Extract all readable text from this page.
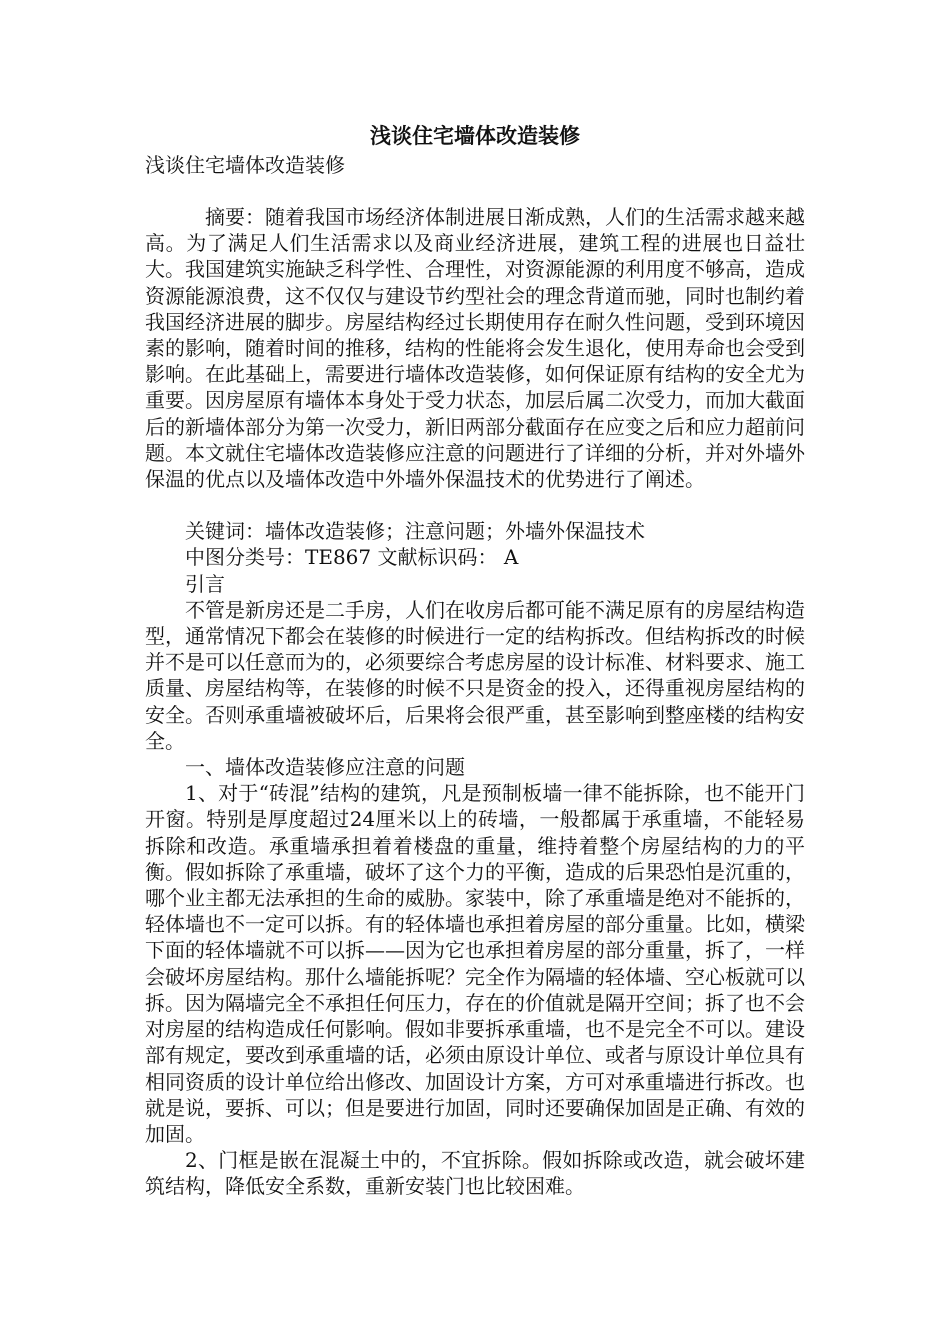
浅谈住宅墙体改造装修

浅谈住宅墙体改造装修

摘要：随着我国市场经济体制进展日渐成熟，人们的生活需求越来越高。为了满足人们生活需求以及商业经济进展，建筑工程的进展也日益壮大。我国建筑实施缺乏科学性、合理性，对资源能源的利用度不够高，造成资源能源浪费，这不仅仅与建设节约型社会的理念背道而驰，同时也制约着我国经济进展的脚步。房屋结构经过长期使用存在耐久性问题，受到环境因素的影响，随着时间的推移，结构的性能将会发生退化，使用寿命也会受到影响。在此基础上，需要进行墙体改造装修，如何保证原有结构的安全尤为重要。因房屋原有墙体本身处于受力状态，加层后属二次受力，而加大截面后的新墙体部分为第一次受力，新旧两部分截面存在应变之后和应力超前问题。本文就住宅墙体改造装修应注意的问题进行了详细的分析，并对外墙外保温的优点以及墙体改造中外墙外保温技术的优势进行了阐述。

关键词：墙体改造装修；注意问题；外墙外保温技术

中图分类号：TE867 文献标识码： A

引言

不管是新房还是二手房，人们在收房后都可能不满足原有的房屋结构造型，通常情况下都会在装修的时候进行一定的结构拆改。但结构拆改的时候并不是可以任意而为的，必须要综合考虑房屋的设计标准、材料要求、施工质量、房屋结构等，在装修的时候不只是资金的投入，还得重视房屋结构的安全。否则承重墙被破坏后，后果将会很严重，甚至影响到整座楼的结构安全。

一、墙体改造装修应注意的问题

1、对于“砖混”结构的建筑，凡是预制板墙一律不能拆除，也不能开门开窗。特别是厚度超过24厘米以上的砖墙，一般都属于承重墙，不能轻易拆除和改造。承重墙承担着着楼盘的重量，维持着整个房屋结构的力的平衡。假如拆除了承重墙，破坏了这个力的平衡，造成的后果恐怕是沉重的，哪个业主都无法承担的生命的威胁。家装中，除了承重墙是绝对不能拆的，轻体墙也不一定可以拆。有的轻体墙也承担着房屋的部分重量。比如，横梁下面的轻体墙就不可以拆——因为它也承担着房屋的部分重量，拆了，一样会破坏房屋结构。那什么墙能拆呢？完全作为隔墙的轻体墙、空心板就可以拆。因为隔墙完全不承担任何压力，存在的价值就是隔开空间；拆了也不会对房屋的结构造成任何影响。假如非要拆承重墙，也不是完全不可以。建设部有规定，要改到承重墙的话，必须由原设计单位、或者与原设计单位具有相同资质的设计单位给出修改、加固设计方案，方可对承重墙进行拆改。也就是说，要拆、可以；但是要进行加固，同时还要确保加固是正确、有效的加固。

2、门框是嵌在混凝土中的，不宜拆除。假如拆除或改造，就会破坏建筑结构，降低安全系数，重新安装门也比较困难。
